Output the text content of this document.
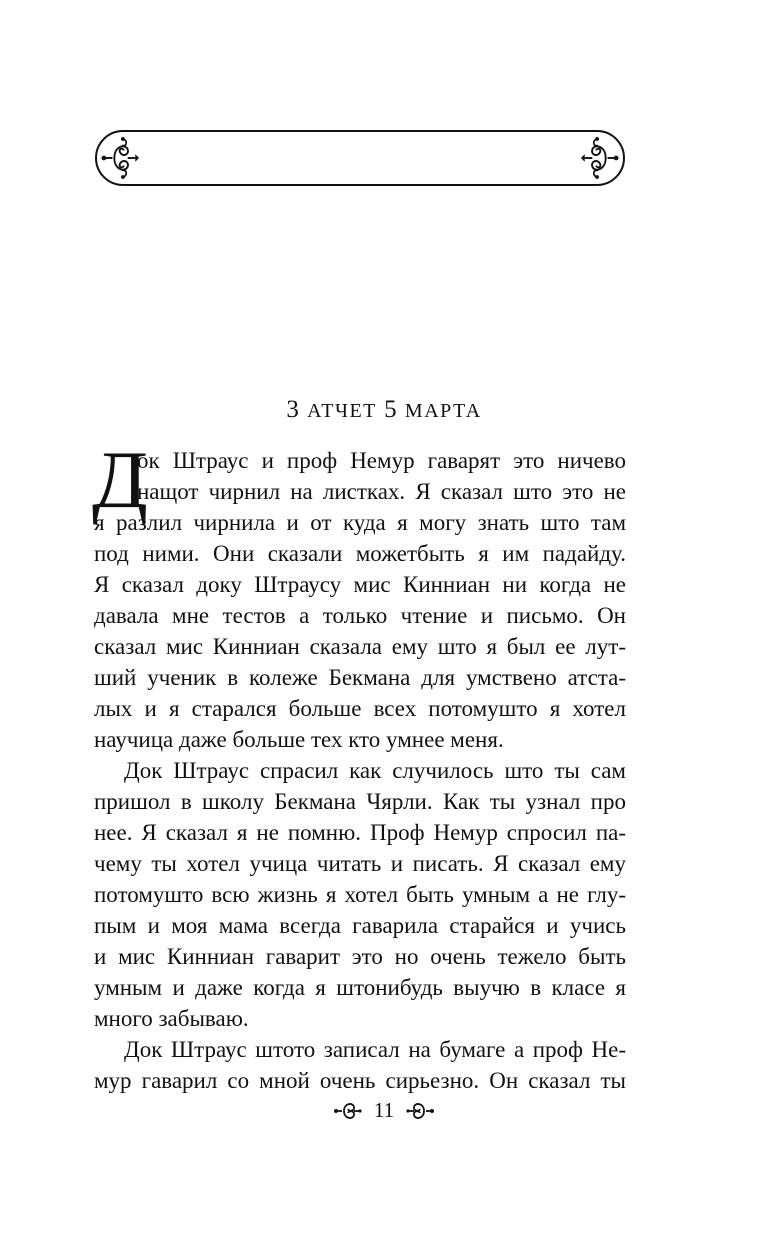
3 АТЧЕТ 5 МАРТА
Д
ок Штраус и проф Немур гаварят это ничево
нащот чирнил на листках. Я сказал што это не
я разлил чирнила и от куда я могу знать што там
под ними. Они сказали можетбыть я им падайду.
Я сказал доку Штраусу мис Кинниан ни когда не
давала мне тестов а только чтение и письмо. Он
сказал мис Кинниан сказала ему што я был ее лут-
ший ученик в колеже Бекмана для умствено атста-
лых и я старался больше всех потомушто я хотел
научица даже больше тех кто умнее меня.
Док Штраус спрасил как случилось што ты сам
пришол в школу Бекмана Чярли. Как ты узнал про
нее. Я сказал я не помню. Проф Немур спросил па-
чему ты хотел учица читать и писать. Я сказал ему
потомушто всю жизнь я хотел быть умным а не глу-
пым и моя мама всегда гаварила старайся и учись
и мис Кинниан гаварит это но очень тежело быть
умным и даже когда я штонибудь выучю в класе я
много забываю.
Док Штраус штото записал на бумаге а проф Не-
мур гаварил со мной очень сирьезно. Он сказал ты
11
